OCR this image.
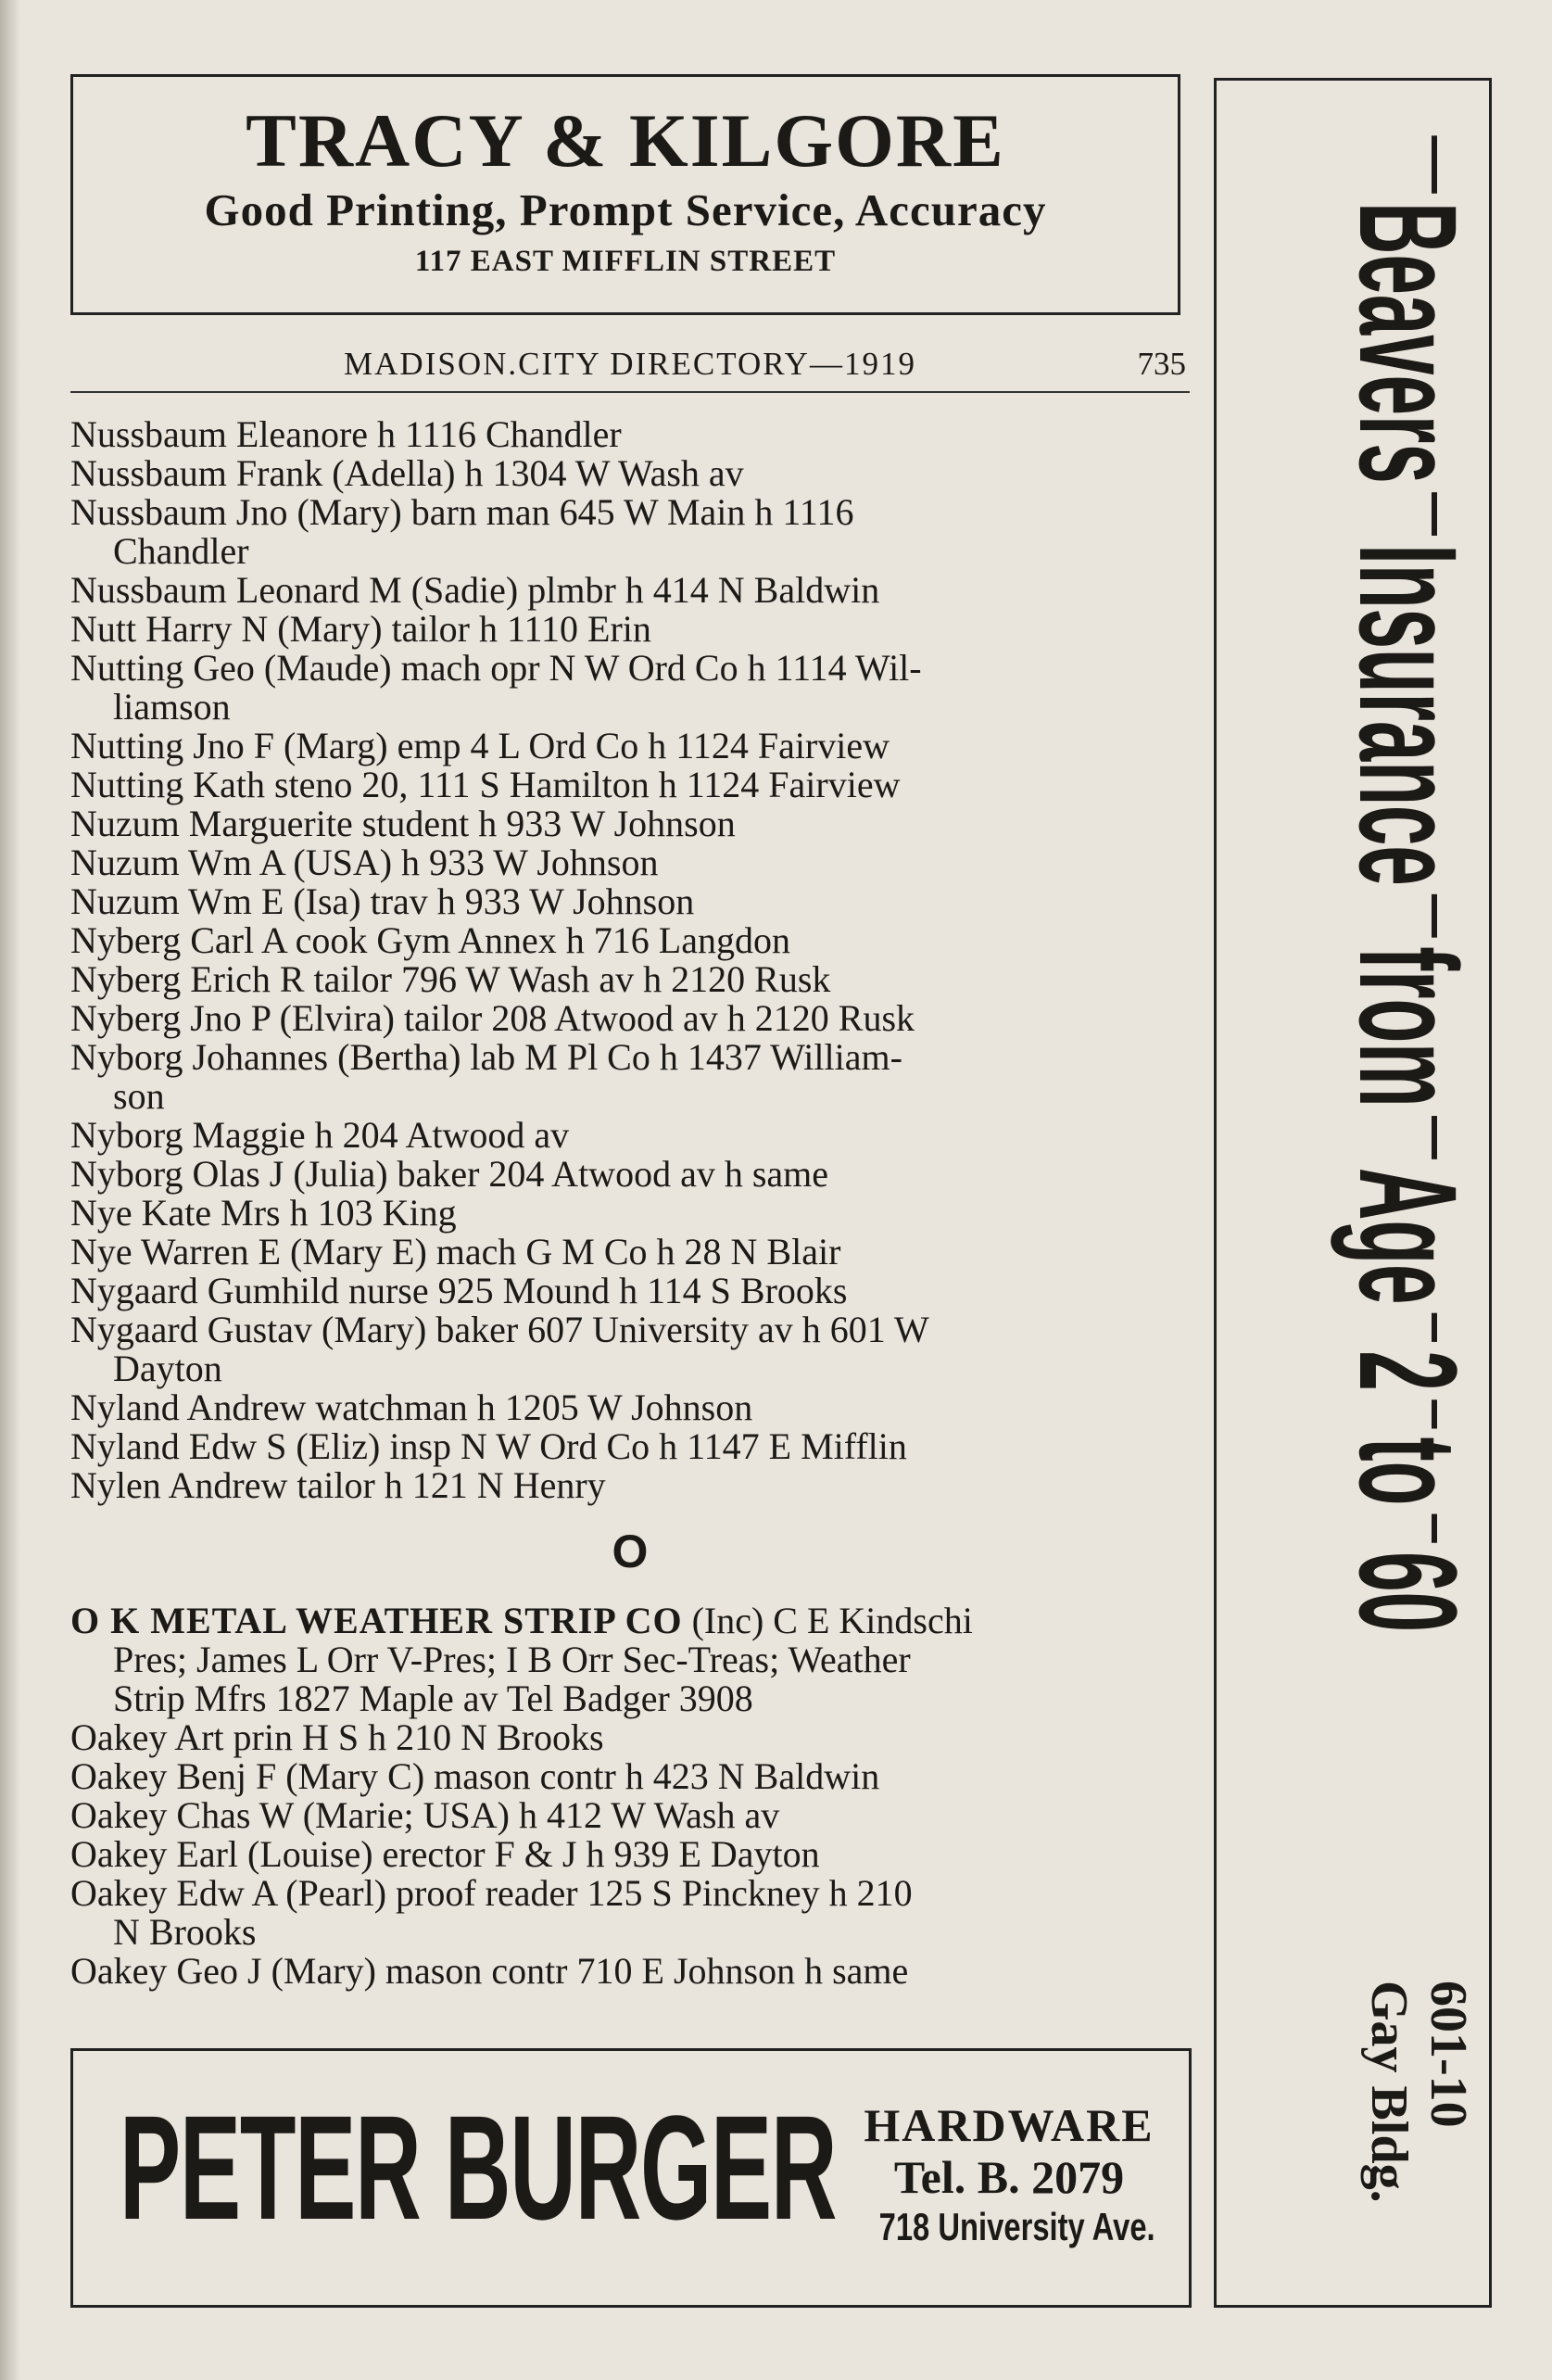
TRACY & KILGORE
Good Printing, Prompt Service, Accuracy
117 EAST MIFFLIN STREET
MADISON.CITY DIRECTORY—1919	735
Nussbaum Eleanore h 1116 Chandler
Nussbaum Frank (Adella) h 1304 W Wash av
Nussbaum Jno (Mary) barn man 645 W Main h 1116
Chandler
Nussbaum Leonard M (Sadie) plmbr h 414 N Baldwin
Nutt Harry N (Mary) tailor h 1110 Erin
Nutting Geo (Maude) mach opr N W Ord Co h 1114 Wil-
liamson
Nutting Jno F (Marg) emp 4 L Ord Co h 1124 Fairview
Nutting Kath steno 20, 111 S Hamilton h 1124 Fairview
Nuzum Marguerite student h 933 W Johnson
Nuzum Wm A (USA) h 933 W Johnson
Nuzum Wm E (Isa) trav h 933 W Johnson
Nyberg Carl A cook Gym Annex h 716 Langdon
Nyberg Erich R tailor 796 W Wash av h 2120 Rusk
Nyberg Jno P (Elvira) tailor 208 Atwood av h 2120 Rusk
Nyborg Johannes (Bertha) lab M Pl Co h 1437 William-
son
Nyborg Maggie h 204 Atwood av
Nyborg Olas J (Julia) baker 204 Atwood av h same
Nye Kate Mrs h 103 King
Nye Warren E (Mary E) mach G M Co h 28 N Blair
Nygaard Gumhild nurse 925 Mound h 114 S Brooks
Nygaard Gustav (Mary) baker 607 University av h 601 W
Dayton
Nyland Andrew watchman h 1205 W Johnson
Nyland Edw S (Eliz) insp N W Ord Co h 1147 E Mifflin
Nylen Andrew tailor h 121 N Henry
O
O K METAL WEATHER STRIP CO (Inc) C E Kindschi
Pres; James L Orr V-Pres; I B Orr Sec-Treas; Weather
Strip Mfrs 1827 Maple av Tel Badger 3908
Oakey Art prin H S h 210 N Brooks
Oakey Benj F (Mary C) mason contr h 423 N Baldwin
Oakey Chas W (Marie; USA) h 412 W Wash av
Oakey Earl (Louise) erector F & J h 939 E Dayton
Oakey Edw A (Pearl) proof reader 125 S Pinckney h 210
N Brooks
Oakey Geo J (Mary) mason contr 710 E Johnson h same
PETER BURGER HARDWARE
Tel. B. 2079
718 University Ave.
BeaversInsurancefromAge2to60
601-10
Gay Bldg.
